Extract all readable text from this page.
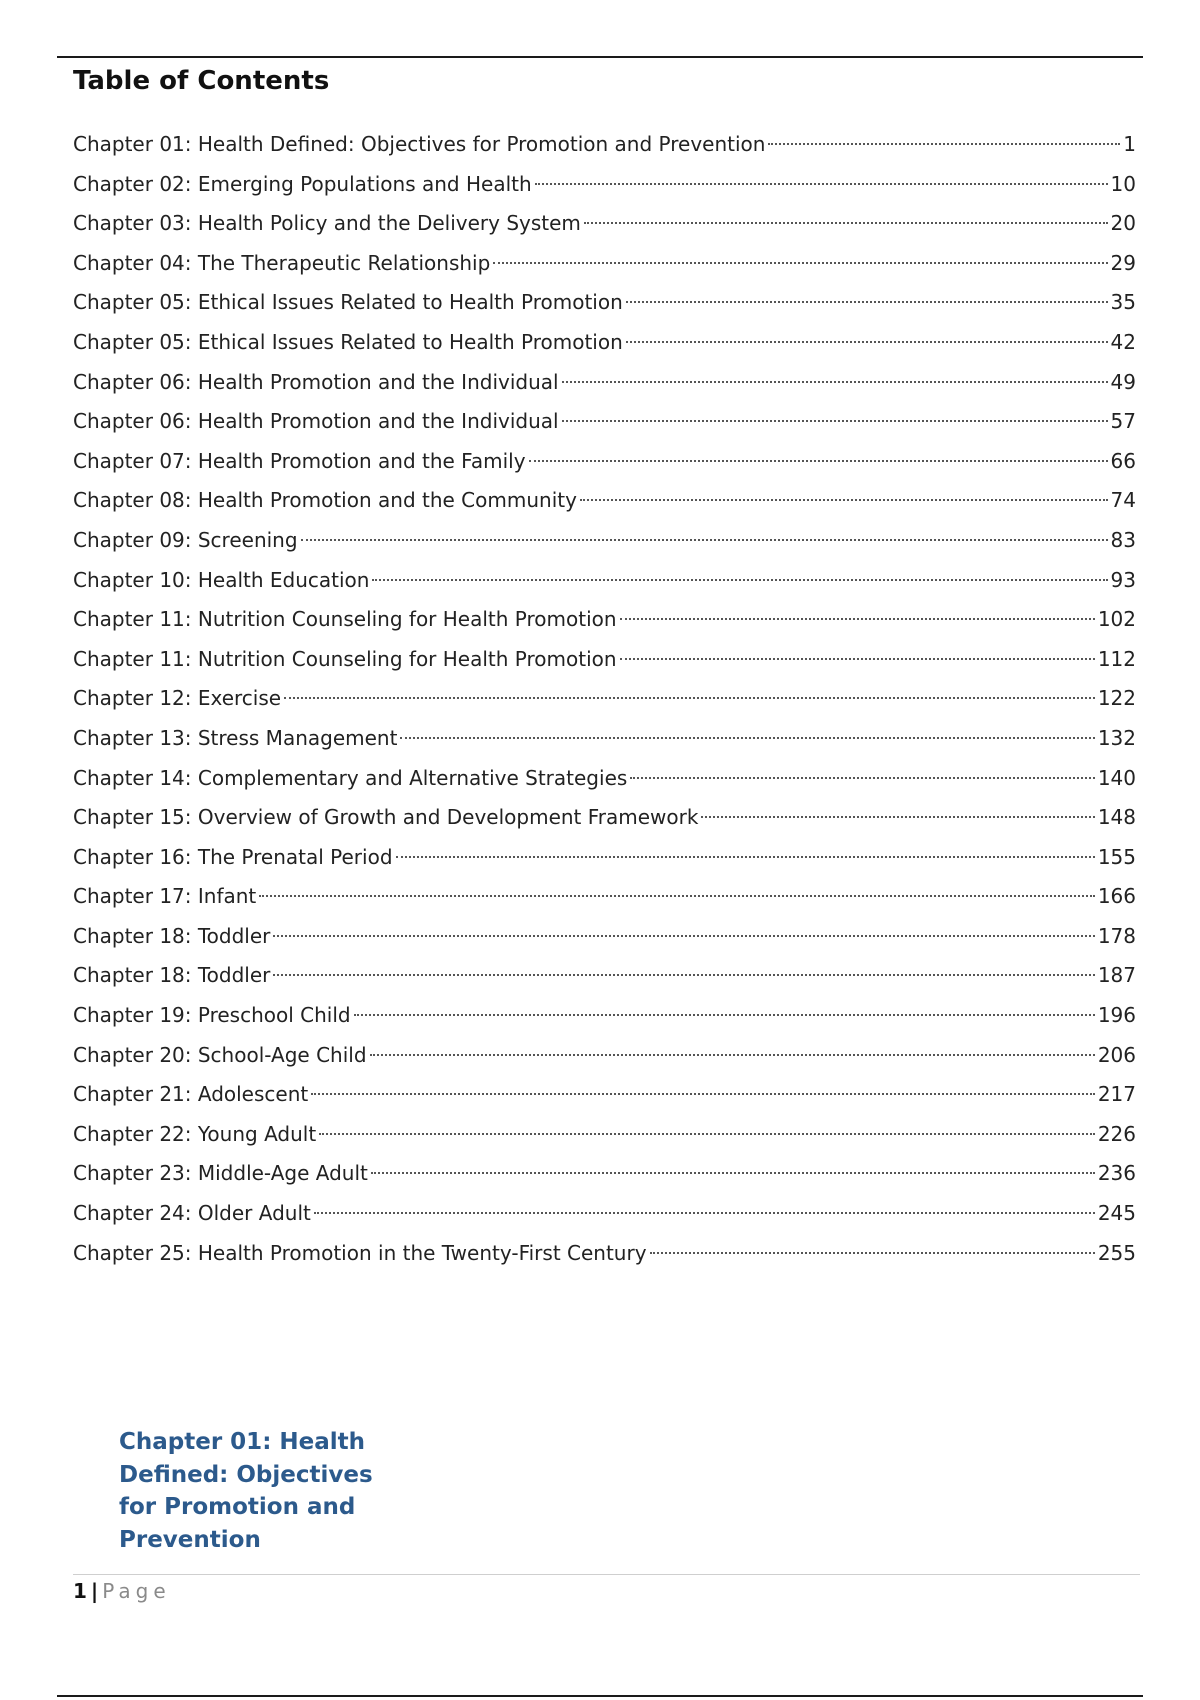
Table of Contents
Chapter 01: Health Defined: Objectives for Promotion and Prevention	1
Chapter 02: Emerging Populations and Health	10
Chapter 03: Health Policy and the Delivery System	20
Chapter 04: The Therapeutic Relationship	29
Chapter 05: Ethical Issues Related to Health Promotion	35
Chapter 05: Ethical Issues Related to Health Promotion	42
Chapter 06: Health Promotion and the Individual	49
Chapter 06: Health Promotion and the Individual	57
Chapter 07: Health Promotion and the Family	66
Chapter 08: Health Promotion and the Community	74
Chapter 09: Screening	83
Chapter 10: Health Education	93
Chapter 11: Nutrition Counseling for Health Promotion	102
Chapter 11: Nutrition Counseling for Health Promotion	112
Chapter 12: Exercise	122
Chapter 13: Stress Management	132
Chapter 14: Complementary and Alternative Strategies	140
Chapter 15: Overview of Growth and Development Framework	148
Chapter 16: The Prenatal Period	155
Chapter 17: Infant	166
Chapter 18: Toddler	178
Chapter 18: Toddler	187
Chapter 19: Preschool Child	196
Chapter 20: School-Age Child	206
Chapter 21: Adolescent	217
Chapter 22: Young Adult	226
Chapter 23: Middle-Age Adult	236
Chapter 24: Older Adult	245
Chapter 25: Health Promotion in the Twenty-First Century	255
Chapter 01: Health Defined: Objectives for Promotion and Prevention
1 | Page
